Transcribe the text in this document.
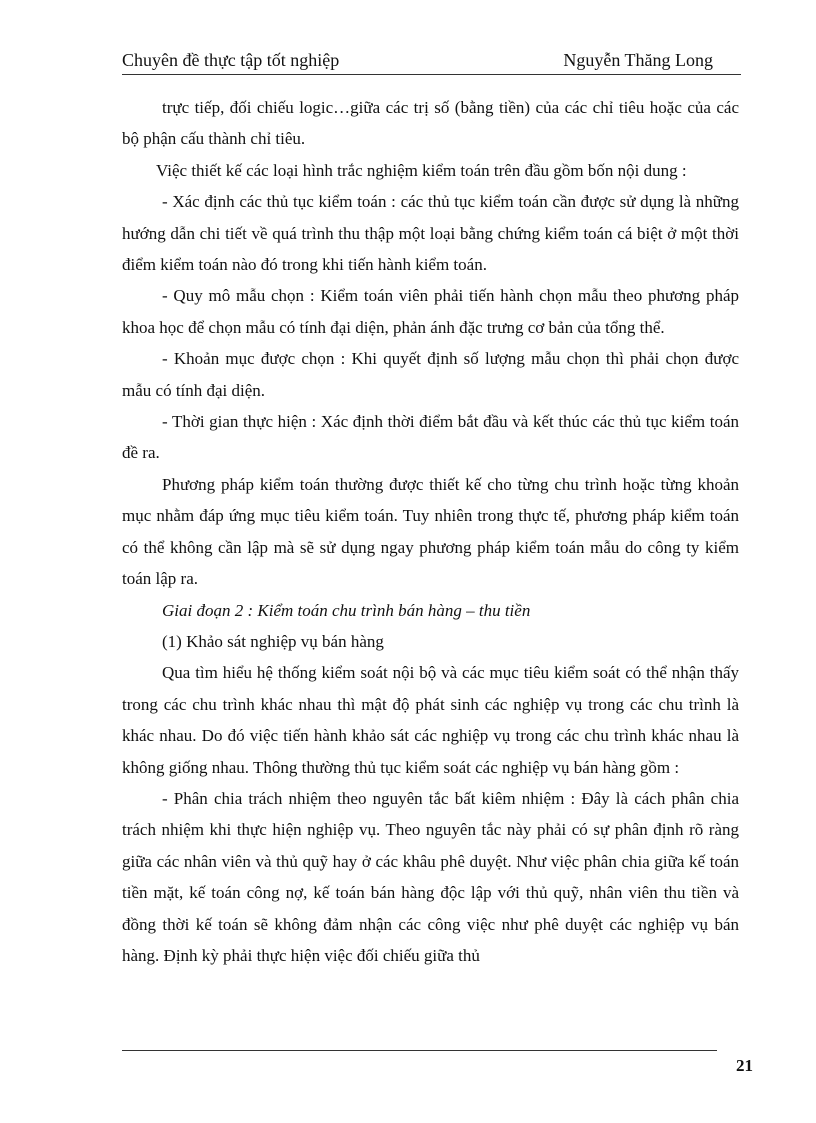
Chuyên đề thực tập tốt nghiệp	Nguyễn Thăng Long

trực tiếp, đối chiếu logic…giữa các trị số (bằng tiền) của các chỉ tiêu hoặc của các bộ phận cấu thành chỉ tiêu.

Việc thiết kế các loại hình trắc nghiệm kiểm toán trên đầu gồm bốn nội dung :

- Xác định các thủ tục kiểm toán : các thủ tục kiểm toán cần được sử dụng là những hướng dẫn chi tiết về quá trình thu thập một loại bằng chứng kiểm toán cá biệt ở một thời điểm kiểm toán nào đó trong khi tiến hành kiểm toán.

- Quy mô mẫu chọn : Kiểm toán viên phải tiến hành chọn mẫu theo phương pháp khoa học để chọn mẫu có tính đại diện, phản ánh đặc trưng cơ bản của tổng thể.

- Khoản mục được chọn : Khi quyết định số lượng mẫu chọn thì phải chọn được mẫu có tính đại diện.

- Thời gian thực hiện : Xác định thời điểm bắt đầu và kết thúc các thủ tục kiểm toán đề ra.

Phương pháp kiểm toán thường được thiết kế cho từng chu trình hoặc từng khoản mục nhằm đáp ứng mục tiêu kiểm toán. Tuy nhiên trong thực tế, phương pháp kiểm toán có thể không cần lập mà sẽ sử dụng ngay phương pháp kiểm toán mẫu do công ty kiểm toán lập ra.

Giai đoạn 2 : Kiểm toán chu trình bán hàng – thu tiền

(1) Khảo sát nghiệp vụ bán hàng

Qua tìm hiểu hệ thống kiểm soát nội bộ và các mục tiêu kiểm soát có thể nhận thấy trong các chu trình khác nhau thì mật độ phát sinh các nghiệp vụ trong các chu trình là khác nhau. Do đó việc tiến hành khảo sát các nghiệp vụ trong các chu trình khác nhau là không giống nhau. Thông thường thủ tục kiểm soát các nghiệp vụ bán hàng gồm :

- Phân chia trách nhiệm theo nguyên tắc bất kiêm nhiệm : Đây là cách phân chia trách nhiệm khi thực hiện nghiệp vụ. Theo nguyên tắc này phải có sự phân định rõ ràng giữa các nhân viên và thủ quỹ hay ở các khâu phê duyệt. Như việc phân chia giữa kế toán tiền mặt, kế toán công nợ, kế toán bán hàng độc lập với thủ quỹ, nhân viên thu tiền và đồng thời kế toán sẽ không đảm nhận các công việc như phê duyệt các nghiệp vụ bán hàng. Định kỳ phải thực hiện việc đối chiếu giữa thủ

21
